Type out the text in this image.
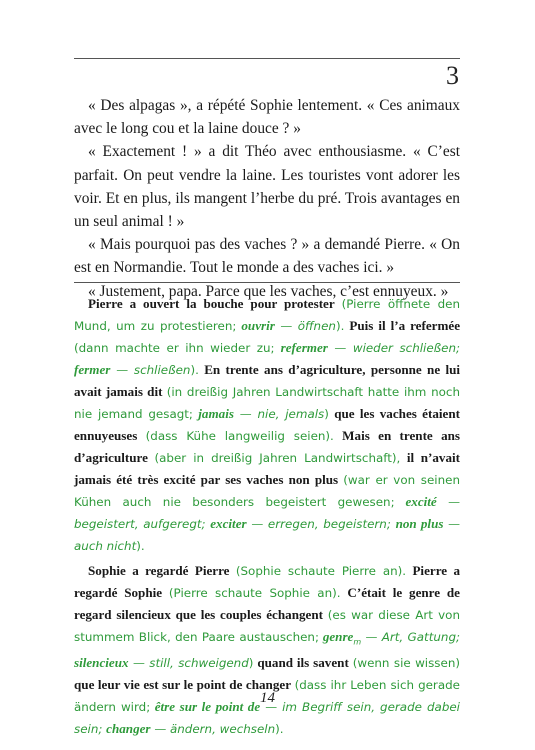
3

« Des alpagas », a répété Sophie lentement. « Ces animaux avec le long cou et la laine douce ? »

« Exactement ! » a dit Théo avec enthousiasme. « C’est parfait. On peut vendre la laine. Les touristes vont adorer les voir. Et en plus, ils mangent l’herbe du pré. Trois avantages en un seul animal ! »

« Mais pourquoi pas des vaches ? » a demandé Pierre. « On est en Normandie. Tout le monde a des vaches ici. »

« Justement, papa. Parce que les vaches, c’est ennuyeux. »

Pierre a ouvert la bouche pour protester (Pierre öffnete den Mund, um zu protestieren; ouvrir — öffnen). Puis il l’a refermée (dann machte er ihn wieder zu; refermer — wieder schließen; fermer — schließen). En trente ans d’agriculture, personne ne lui avait jamais dit (in dreißig Jahren Landwirtschaft hatte ihm noch nie jemand gesagt; jamais — nie, jemals) que les vaches étaient ennuyeuses (dass Kühe langweilig seien). Mais en trente ans d’agriculture (aber in dreißig Jahren Landwirtschaft), il n’avait jamais été très excité par ses vaches non plus (war er von seinen Kühen auch nie besonders begeistert gewesen; excité — begeistert, aufgeregt; exciter — erregen, begeistern; non plus — auch nicht).

Sophie a regardé Pierre (Sophie schaute Pierre an). Pierre a regardé Sophie (Pierre schaute Sophie an). C’était le genre de regard silencieux que les couples échangent (es war diese Art von stummem Blick, den Paare austauschen; genre$_m$ — Art, Gattung; silencieux — still, schweigend) quand ils savent (wenn sie wissen) que leur vie est sur le point de changer (dass ihr Leben sich gerade ändern wird; être sur le point de — im Begriff sein, gerade dabei sein; changer — ändern, wechseln).

14
